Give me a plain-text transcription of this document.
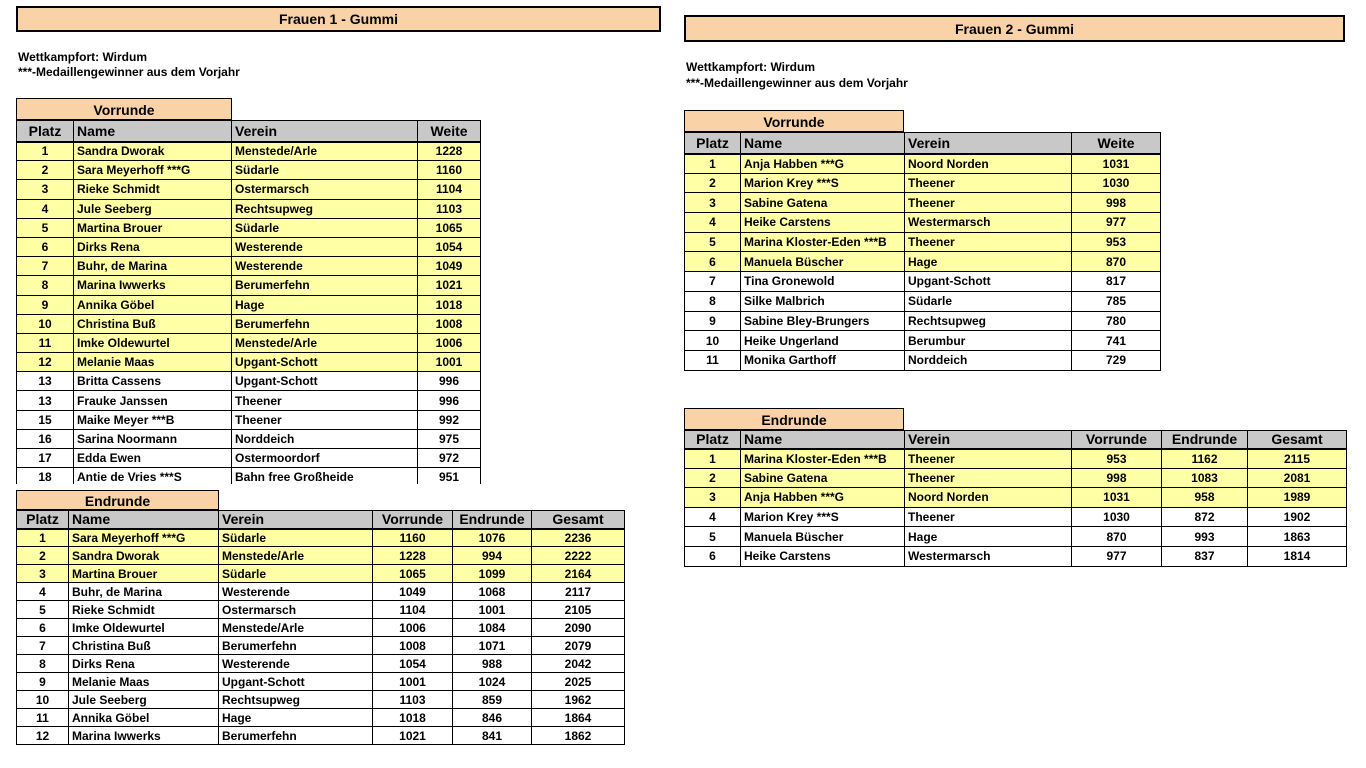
Frauen 1 - Gummi
Wettkampfort: Wirdum
***-Medaillengewinner aus dem Vorjahr
Vorrunde
Platz	Name	Verein	Weite
1	Sandra Dworak	Menstede/Arle	1228
2	Sara Meyerhoff ***G	Südarle	1160
3	Rieke Schmidt	Ostermarsch	1104
4	Jule Seeberg	Rechtsupweg	1103
5	Martina Brouer	Südarle	1065
6	Dirks Rena	Westerende	1054
7	Buhr, de Marina	Westerende	1049
8	Marina Iwwerks	Berumerfehn	1021
9	Annika Göbel	Hage	1018
10	Christina Buß	Berumerfehn	1008
11	Imke Oldewurtel	Menstede/Arle	1006
12	Melanie Maas	Upgant-Schott	1001
13	Britta Cassens	Upgant-Schott	996
13	Frauke Janssen	Theener	996
15	Maike Meyer ***B	Theener	992
16	Sarina Noormann	Norddeich	975
17	Edda Ewen	Ostermoordorf	972
18	Antie de Vries ***S	Bahn free Großheide	951
Endrunde
Platz	Name	Verein	Vorrunde	Endrunde	Gesamt
1	Sara Meyerhoff ***G	Südarle	1160	1076	2236
2	Sandra Dworak	Menstede/Arle	1228	994	2222
3	Martina Brouer	Südarle	1065	1099	2164
4	Buhr, de Marina	Westerende	1049	1068	2117
5	Rieke Schmidt	Ostermarsch	1104	1001	2105
6	Imke Oldewurtel	Menstede/Arle	1006	1084	2090
7	Christina Buß	Berumerfehn	1008	1071	2079
8	Dirks Rena	Westerende	1054	988	2042
9	Melanie Maas	Upgant-Schott	1001	1024	2025
10	Jule Seeberg	Rechtsupweg	1103	859	1962
11	Annika Göbel	Hage	1018	846	1864
12	Marina Iwwerks	Berumerfehn	1021	841	1862
Frauen 2 - Gummi
Wettkampfort: Wirdum
***-Medaillengewinner aus dem Vorjahr
Vorrunde
Platz	Name	Verein	Weite
1	Anja Habben ***G	Noord Norden	1031
2	Marion Krey ***S	Theener	1030
3	Sabine Gatena	Theener	998
4	Heike Carstens	Westermarsch	977
5	Marina Kloster-Eden ***B	Theener	953
6	Manuela Büscher	Hage	870
7	Tina Gronewold	Upgant-Schott	817
8	Silke Malbrich	Südarle	785
9	Sabine Bley-Brungers	Rechtsupweg	780
10	Heike Ungerland	Berumbur	741
11	Monika Garthoff	Norddeich	729
Endrunde
Platz	Name	Verein	Vorrunde	Endrunde	Gesamt
1	Marina Kloster-Eden ***B	Theener	953	1162	2115
2	Sabine Gatena	Theener	998	1083	2081
3	Anja Habben ***G	Noord Norden	1031	958	1989
4	Marion Krey ***S	Theener	1030	872	1902
5	Manuela Büscher	Hage	870	993	1863
6	Heike Carstens	Westermarsch	977	837	1814
